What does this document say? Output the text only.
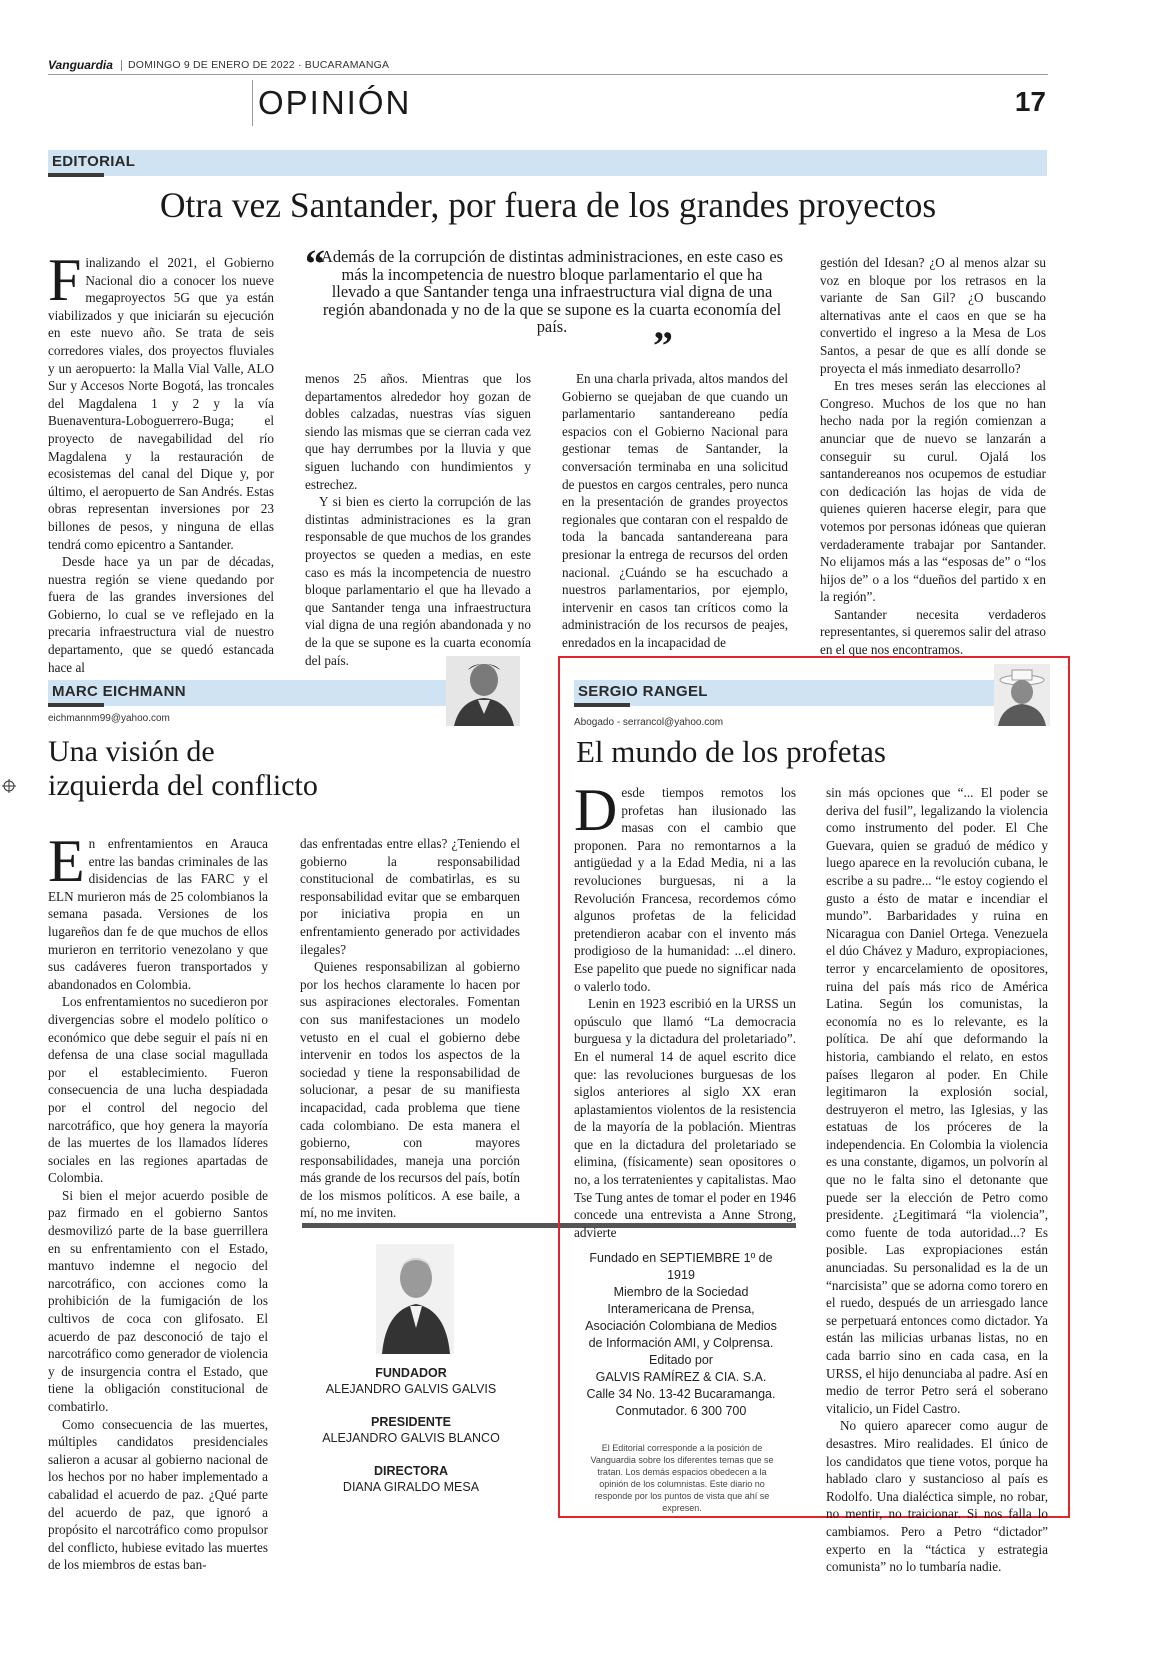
Vanguardia DOMINGO 9 DE ENERO DE 2022 · BUCARAMANGA
OPINIÓN	17
EDITORIAL
Otra vez Santander, por fuera de los grandes proyectos

Finalizando el 2021, el Gobierno Nacional dio a conocer los nueve megaproyectos 5G que ya están viabilizados y que iniciarán su ejecución en este nuevo año. Se trata de seis corredores viales, dos proyectos fluviales y un aeropuerto: la Malla Vial Valle, ALO Sur y Accesos Norte Bogotá, las troncales del Magdalena 1 y 2 y la vía Buenaventura-Loboguerrero-Buga; el proyecto de navegabilidad del río Magdalena y la restauración de ecosistemas del canal del Dique y, por último, el aeropuerto de San Andrés. Estas obras representan inversiones por 23 billones de pesos, y ninguna de ellas tendrá como epicentro a Santander.

Desde hace ya un par de décadas, nuestra región se viene quedando por fuera de las grandes inversiones del Gobierno, lo cual se ve reflejado en la precaria infraestructura vial de nuestro departamento, que se quedó estancada hace al

“
Además de la corrupción de distintas administraciones, en este caso es más la incompetencia de nuestro bloque parlamentario el que ha llevado a que Santander tenga una infraestructura vial digna de una región abandonada y no de la que se supone es la cuarta economía del país.	”

menos 25 años. Mientras que los departamentos alrededor hoy gozan de dobles calzadas, nuestras vías siguen siendo las mismas que se cierran cada vez que hay derrumbes por la lluvia y que siguen luchando con hundimientos y estrechez.

Y si bien es cierto la corrupción de las distintas administraciones es la gran responsable de que muchos de los grandes proyectos se queden a medias, en este caso es más la incompetencia de nuestro bloque parlamentario el que ha llevado a que Santander tenga una infraestructura vial digna de una región abandonada y no de la que se supone es la cuarta economía del país.

En una charla privada, altos mandos del Gobierno se quejaban de que cuando un parlamentario santandereano pedía espacios con el Gobierno Nacional para gestionar temas de Santander, la conversación terminaba en una solicitud de puestos en cargos centrales, pero nunca en la presentación de grandes proyectos regionales que contaran con el respaldo de toda la bancada santandereana para presionar la entrega de recursos del orden nacional. ¿Cuándo se ha escuchado a nuestros parlamentarios, por ejemplo, intervenir en casos tan críticos como la administración de los recursos de peajes, enredados en la incapacidad de

gestión del Idesan? ¿O al menos alzar su voz en bloque por los retrasos en la variante de San Gil? ¿O buscando alternativas ante el caos en que se ha convertido el ingreso a la Mesa de Los Santos, a pesar de que es allí donde se proyecta el más inmediato desarrollo?

En tres meses serán las elecciones al Congreso. Muchos de los que no han hecho nada por la región comienzan a anunciar que de nuevo se lanzarán a conseguir su curul. Ojalá los santandereanos nos ocupemos de estudiar con dedicación las hojas de vida de quienes quieren hacerse elegir, para que votemos por personas idóneas que quieran verdaderamente trabajar por Santander. No elijamos más a las “esposas de” o “los hijos de” o a los “dueños del partido x en la región”.

Santander necesita verdaderos representantes, si queremos salir del atraso en el que nos encontramos.

MARC EICHMANN
eichmannm99@yahoo.com
Una visión de
izquierda del conflicto

En enfrentamientos en Arauca entre las bandas criminales de las disidencias de las FARC y el ELN murieron más de 25 colombianos la semana pasada. Versiones de los lugareños dan fe de que muchos de ellos murieron en territorio venezolano y que sus cadáveres fueron transportados y abandonados en Colombia.

Los enfrentamientos no sucedieron por divergencias sobre el modelo político o económico que debe seguir el país ni en defensa de una clase social magullada por el establecimiento. Fueron consecuencia de una lucha despiadada por el control del negocio del narcotráfico, que hoy genera la mayoría de las muertes de los llamados líderes sociales en las regiones apartadas de Colombia.

Si bien el mejor acuerdo posible de paz firmado en el gobierno Santos desmovilizó parte de la base guerrillera en su enfrentamiento con el Estado, mantuvo indemne el negocio del narcotráfico, con acciones como la prohibición de la fumigación de los cultivos de coca con glifosato. El acuerdo de paz desconoció de tajo el narcotráfico como generador de violencia y de insurgencia contra el Estado, que tiene la obligación constitucional de combatirlo.

Como consecuencia de las muertes, múltiples candidatos presidenciales salieron a acusar al gobierno nacional de los hechos por no haber implementado a cabalidad el acuerdo de paz. ¿Qué parte del acuerdo de paz, que ignoró a propósito el narcotráfico como propulsor del conflicto, hubiese evitado las muertes de los miembros de estas ban-

das enfrentadas entre ellas? ¿Teniendo el gobierno la responsabilidad constitucional de combatirlas, es su responsabilidad evitar que se embarquen por iniciativa propia en un enfrentamiento generado por actividades ilegales?

Quienes responsabilizan al gobierno por los hechos claramente lo hacen por sus aspiraciones electorales. Fomentan con sus manifestaciones un modelo vetusto en el cual el gobierno debe intervenir en todos los aspectos de la sociedad y tiene la responsabilidad de solucionar, a pesar de su manifiesta incapacidad, cada problema que tiene cada colombiano. De esta manera el gobierno, con mayores responsabilidades, maneja una porción más grande de los recursos del país, botín de los mismos políticos. A ese baile, a mí, no me inviten.

FUNDADOR
ALEJANDRO GALVIS GALVIS
PRESIDENTE
ALEJANDRO GALVIS BLANCO
DIRECTORA
DIANA GIRALDO MESA
Fundado en SEPTIEMBRE 1º de 1919
Miembro de la Sociedad
Interamericana de Prensa,
Asociación Colombiana de Medios
de Información AMI, y Colprensa.
Editado por
GALVIS RAMÍREZ & CIA. S.A.
Calle 34 No. 13-42 Bucaramanga.
Conmutador. 6 300 700
El Editorial corresponde a la posición de Vanguardia sobre los diferentes temas que se tratan. Los demás espacios obedecen a la opinión de los columnistas. Este diario no responde por los puntos de vista que ahí se expresen.
SERGIO RANGEL
Abogado - serrancol@yahoo.com
El mundo de los profetas

Desde tiempos remotos los profetas han ilusionado las masas con el cambio que proponen. Para no remontarnos a la antigüedad y a la Edad Media, ni a las revoluciones burguesas, ni a la Revolución Francesa, recordemos cómo algunos profetas de la felicidad pretendieron acabar con el invento más prodigioso de la humanidad: ...el dinero. Ese papelito que puede no significar nada o valerlo todo.

Lenin en 1923 escribió en la URSS un opúsculo que llamó “La democracia burguesa y la dictadura del proletariado”. En el numeral 14 de aquel escrito dice que: las revoluciones burguesas de los siglos anteriores al siglo XX eran aplastamientos violentos de la resistencia de la mayoría de la población. Mientras que en la dictadura del proletariado se elimina, (físicamente) sean opositores o no, a los terratenientes y capitalistas. Mao Tse Tung antes de tomar el poder en 1946 concede una entrevista a Anne Strong, advierte

sin más opciones que “... El poder se deriva del fusil”, legalizando la violencia como instrumento del poder. El Che Guevara, quien se graduó de médico y luego aparece en la revolución cubana, le escribe a su padre... “le estoy cogiendo el gusto a ésto de matar e incendiar el mundo”. Barbaridades y ruina en Nicaragua con Daniel Ortega. Venezuela el dúo Chávez y Maduro, expropiaciones, terror y encarcelamiento de opositores, ruina del país más rico de América Latina. Según los comunistas, la economía no es lo relevante, es la política. De ahí que deformando la historia, cambiando el relato, en estos países llegaron al poder. En Chile legitimaron la explosión social, destruyeron el metro, las Iglesias, y las estatuas de los próceres de la independencia. En Colombia la violencia es una constante, digamos, un polvorín al que no le falta sino el detonante que puede ser la elección de Petro como presidente. ¿Legitimará “la violencia”, como fuente de toda autoridad...? Es posible. Las expropiaciones están anunciadas. Su personalidad es la de un “narcisista” que se adorna como torero en el ruedo, después de un arriesgado lance se perpetuará entonces como dictador. Ya están las milicias urbanas listas, no en cada barrio sino en cada casa, en la URSS, el hijo denunciaba al padre. Así en medio de terror Petro será el soberano vitalicio, un Fidel Castro.

No quiero aparecer como augur de desastres. Miro realidades. El único de los candidatos que tiene votos, porque ha hablado claro y sustancioso al país es Rodolfo. Una dialéctica simple, no robar, no mentir, no traicionar. Si nos falla lo cambiamos. Pero a Petro “dictador” experto en la “táctica y estrategia comunista” no lo tumbaría nadie.
